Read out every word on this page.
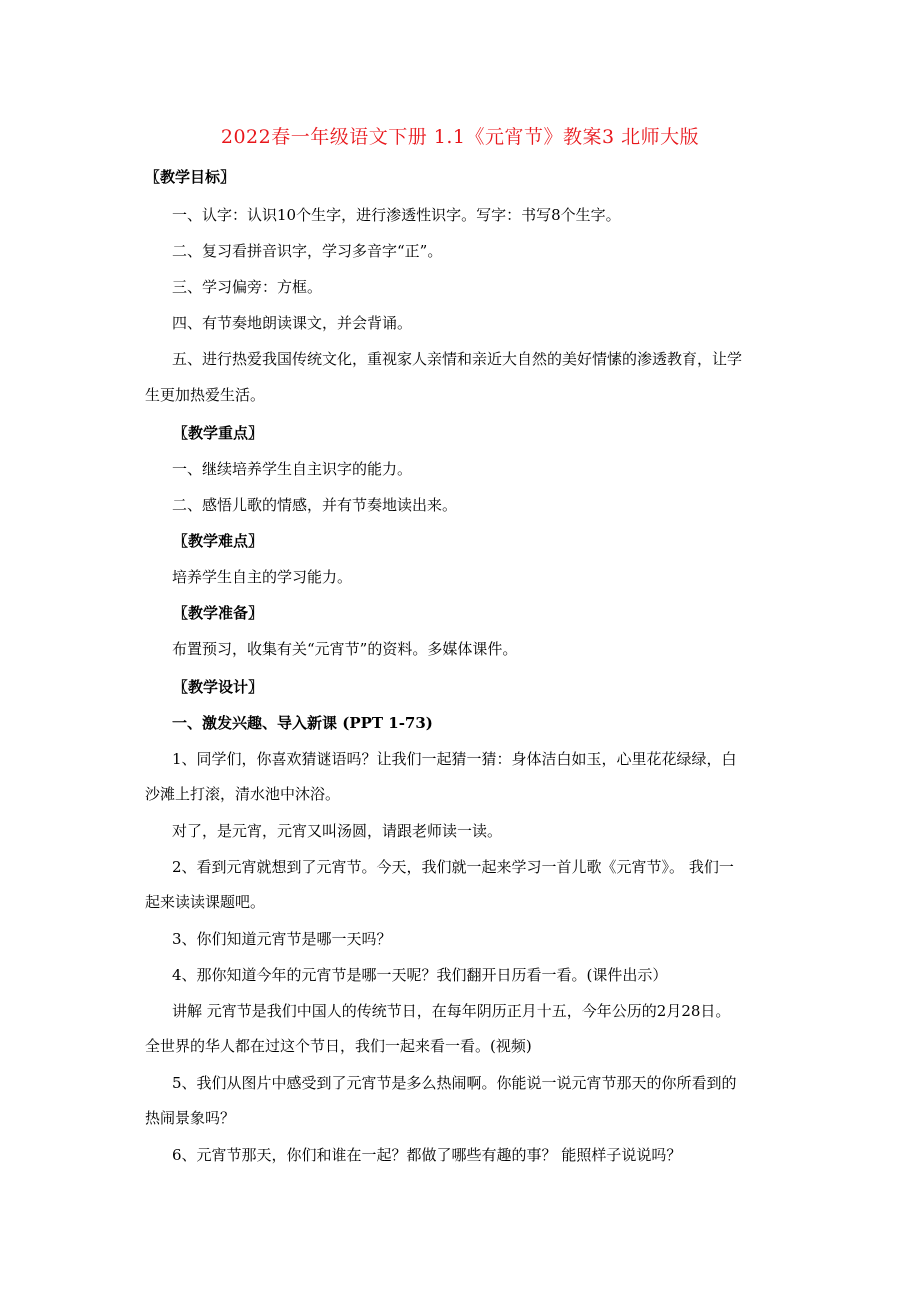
2022春一年级语文下册 1.1《元宵节》教案3 北师大版
〖教学目标〗
一、认字：认识10个生字，进行渗透性识字。写字：书写8个生字。
二、复习看拼音识字，学习多音字“正”。
三、学习偏旁：方框。
四、有节奏地朗读课文，并会背诵。
五、进行热爱我国传统文化，重视家人亲情和亲近大自然的美好情愫的渗透教育，让学
生更加热爱生活。
〖教学重点〗
一、继续培养学生自主识字的能力。
二、感悟儿歌的情感，并有节奏地读出来。
〖教学难点〗
培养学生自主的学习能力。
〖教学准备〗
布置预习，收集有关“元宵节”的资料。多媒体课件。
〖教学设计〗
一、激发兴趣、导入新课 (PPT 1-73)
1、同学们，你喜欢猜谜语吗？让我们一起猜一猜：身体洁白如玉，心里花花绿绿，白
沙滩上打滚，清水池中沐浴。
对了，是元宵，元宵又叫汤圆，请跟老师读一读。
2、看到元宵就想到了元宵节。今天，我们就一起来学习一首儿歌《元宵节》。 我们一
起来读读课题吧。
3、你们知道元宵节是哪一天吗？
4、那你知道今年的元宵节是哪一天呢？我们翻开日历看一看。(课件出示）
讲解 元宵节是我们中国人的传统节日，在每年阴历正月十五，今年公历的2月28日。
全世界的华人都在过这个节日，我们一起来看一看。(视频)
5、我们从图片中感受到了元宵节是多么热闹啊。你能说一说元宵节那天的你所看到的
热闹景象吗？
6、元宵节那天，你们和谁在一起？都做了哪些有趣的事？ 能照样子说说吗？
